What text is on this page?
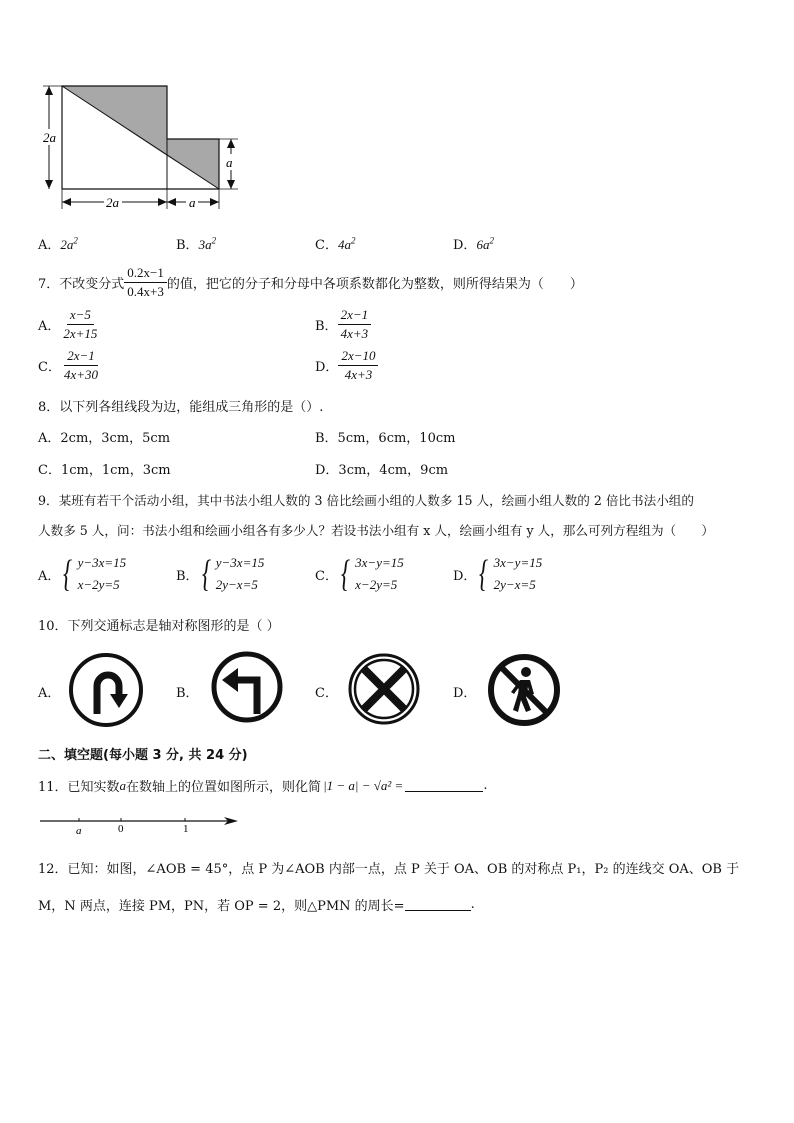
2a
a
2a	a
A．$2a^2$	B．$3a^2$	C．$4a^2$	D．$6a^2$
7．不改变分式 $\frac{0.2x-1}{0.4x+3}$ 的值，把它的分子和分母中各项系数都化为整数，则所得结果为（　　）
A． $\frac{x-5}{2x+15}$	B． $\frac{2x-1}{4x+3}$
C． $\frac{2x-1}{4x+30}$	D． $\frac{2x-10}{4x+3}$
8．以下列各组线段为边，能组成三角形的是（）.
A．2cm，3cm，5cm	B．5cm，6cm，10cm
C．1cm，1cm，3cm	D．3cm，4cm，9cm
9．某班有若干个活动小组，其中书法小组人数的 3 倍比绘画小组的人数多 15 人，绘画小组人数的 2 倍比书法小组的
人数多 5 人，问：书法小组和绘画小组各有多少人？若设书法小组有 x 人，绘画小组有 y 人，那么可列方程组为（　　）
A． { y−3x=15
x−2y=5
B． { y−3x=15
2y−x=5
C． { 3x−y=15
x−2y=5
D． { 3x−y=15
2y−x=5
10．下列交通标志是轴对称图形的是（ ）
A．	B．	C．	D．
二、填空题(每小题 3 分, 共 24 分)
11．已知实数 a 在数轴上的位置如图所示，则化简 |1 − a| − √a² =	.
a	0	1
12．已知：如图，∠AOB = 45°，点 P 为∠AOB 内部一点，点 P 关于 OA、OB 的对称点 P₁，P₂ 的连线交 OA、OB 于
M，N 两点，连接 PM，PN，若 OP = 2，则△PMN 的周长=	.
